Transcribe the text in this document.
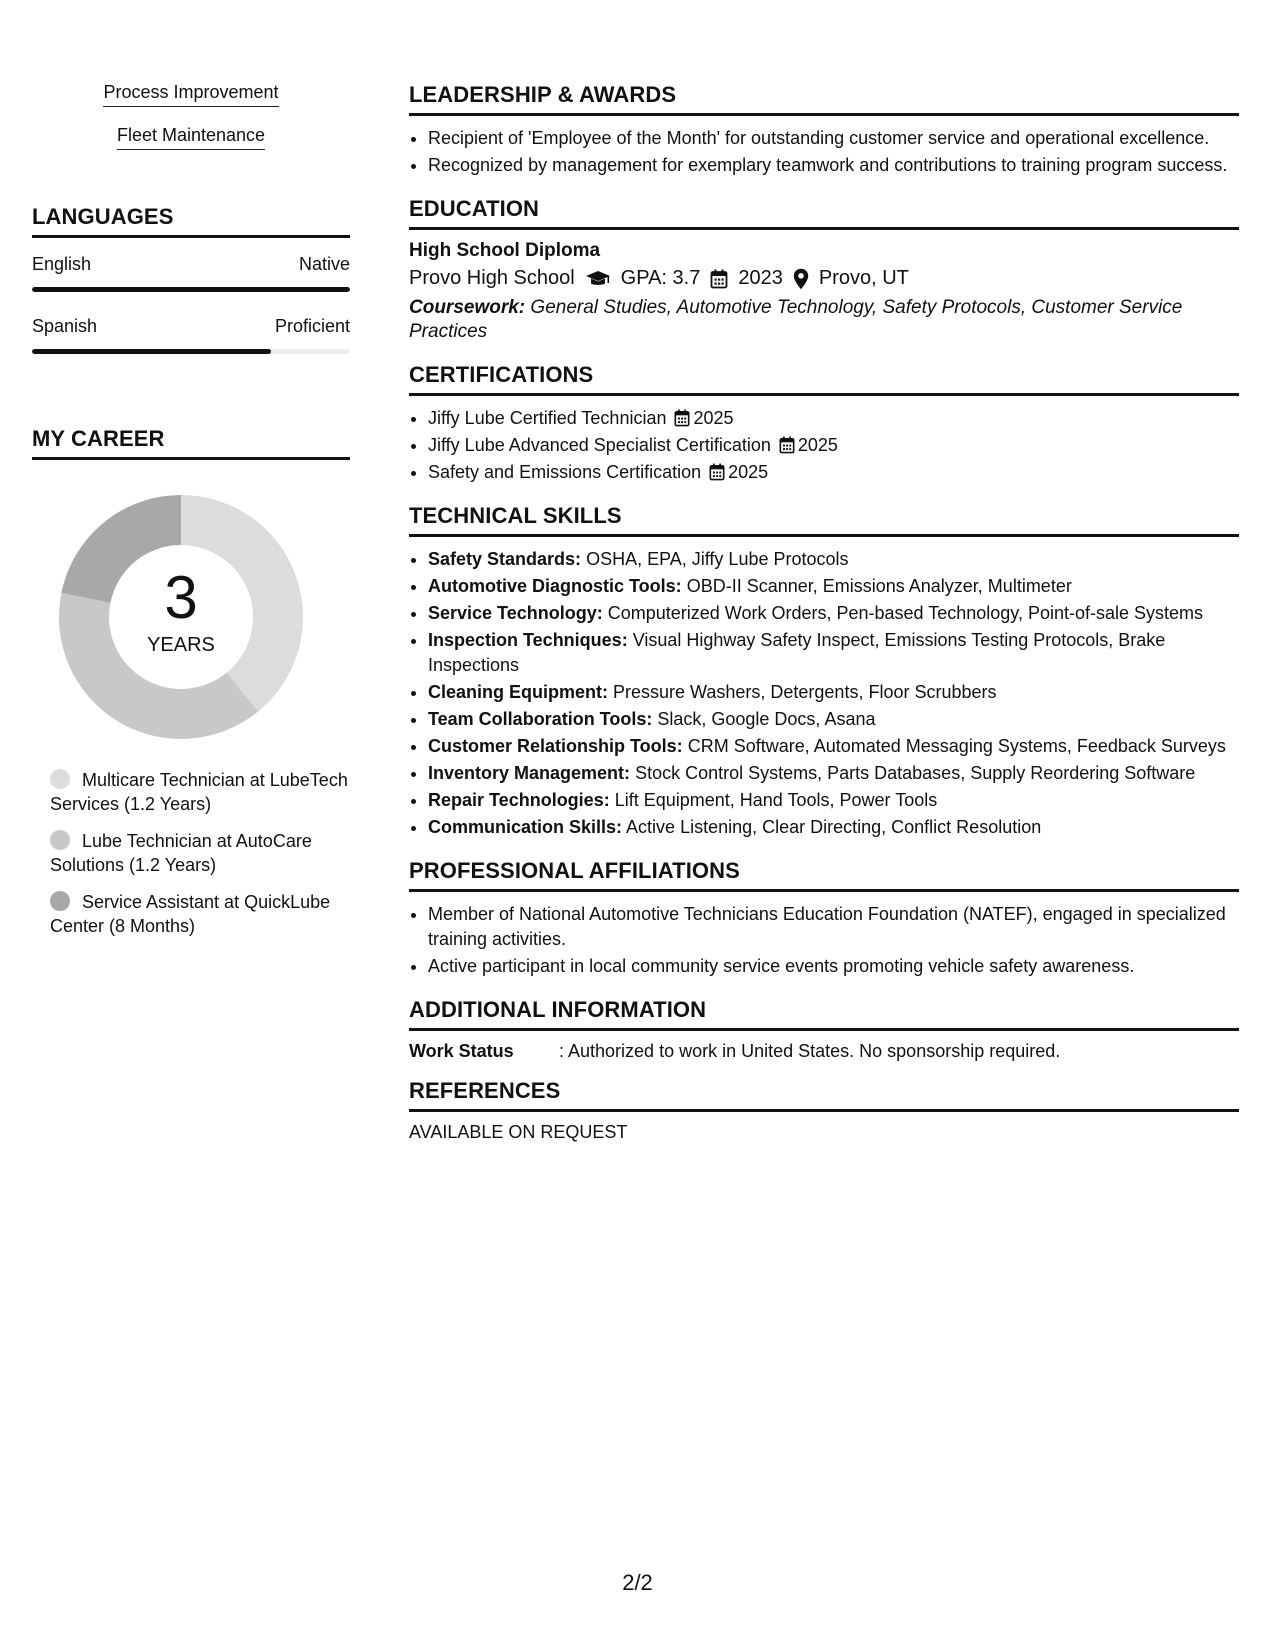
Process Improvement
Fleet Maintenance
LANGUAGES
English	Native
Spanish	Proficient
MY CAREER
3
YEARS
Multicare Technician at LubeTech Services (1.2 Years)
Lube Technician at AutoCare Solutions (1.2 Years)
Service Assistant at QuickLube Center (8 Months)
LEADERSHIP & AWARDS
• Recipient of 'Employee of the Month' for outstanding customer service and operational excellence.
• Recognized by management for exemplary teamwork and contributions to training program success.
EDUCATION
High School Diploma
Provo High School GPA: 3.7 2023 Provo, UT
Coursework: General Studies, Automotive Technology, Safety Protocols, Customer Service Practices
CERTIFICATIONS
• Jiffy Lube Certified Technician 2025
• Jiffy Lube Advanced Specialist Certification 2025
• Safety and Emissions Certification 2025
TECHNICAL SKILLS
• Safety Standards: OSHA, EPA, Jiffy Lube Protocols
• Automotive Diagnostic Tools: OBD-II Scanner, Emissions Analyzer, Multimeter
• Service Technology: Computerized Work Orders, Pen-based Technology, Point-of-sale Systems
• Inspection Techniques: Visual Highway Safety Inspect, Emissions Testing Protocols, Brake Inspections
• Cleaning Equipment: Pressure Washers, Detergents, Floor Scrubbers
• Team Collaboration Tools: Slack, Google Docs, Asana
• Customer Relationship Tools: CRM Software, Automated Messaging Systems, Feedback Surveys
• Inventory Management: Stock Control Systems, Parts Databases, Supply Reordering Software
• Repair Technologies: Lift Equipment, Hand Tools, Power Tools
• Communication Skills: Active Listening, Clear Directing, Conflict Resolution
PROFESSIONAL AFFILIATIONS
• Member of National Automotive Technicians Education Foundation (NATEF), engaged in specialized training activities.
• Active participant in local community service events promoting vehicle safety awareness.
ADDITIONAL INFORMATION
Work Status	: Authorized to work in United States. No sponsorship required.
REFERENCES
AVAILABLE ON REQUEST
2/2
